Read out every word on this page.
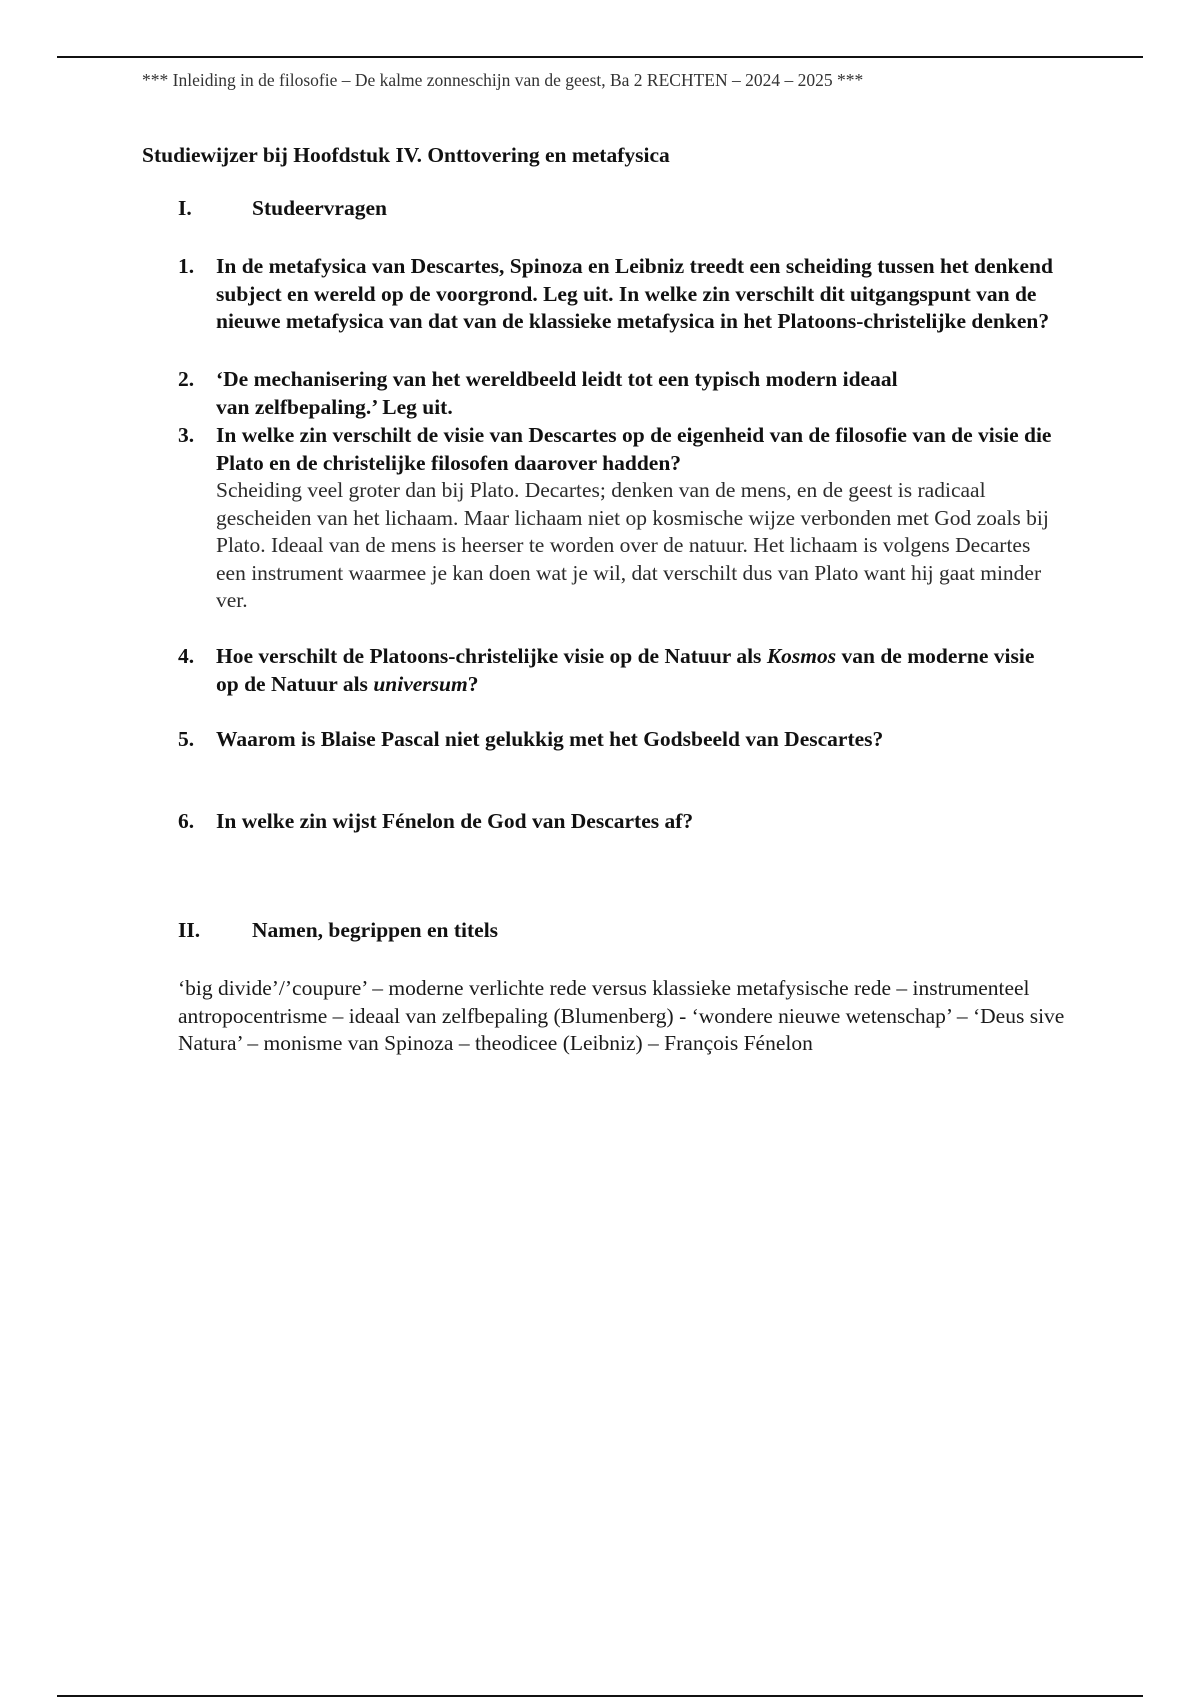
*** Inleiding in de filosofie – De kalme zonneschijn van de geest, Ba 2 RECHTEN – 2024 – 2025 ***
Studiewijzer bij Hoofdstuk IV. Onttovering en metafysica
I.	Studeervragen
1. In de metafysica van Descartes, Spinoza en Leibniz treedt een scheiding tussen het denkend subject en wereld op de voorgrond. Leg uit. In welke zin verschilt dit uitgangspunt van de nieuwe metafysica van dat van de klassieke metafysica in het Platoons-christelijke denken?
2. ‘De mechanisering van het wereldbeeld leidt tot een typisch modern ideaal van zelfbepaling.’ Leg uit.
3. In welke zin verschilt de visie van Descartes op de eigenheid van de filosofie van de visie die Plato en de christelijke filosofen daarover hadden?
Scheiding veel groter dan bij Plato. Decartes; denken van de mens, en de geest is radicaal gescheiden van het lichaam. Maar lichaam niet op kosmische wijze verbonden met God zoals bij Plato. Ideaal van de mens is heerser te worden over de natuur. Het lichaam is volgens Decartes een instrument waarmee je kan doen wat je wil, dat verschilt dus van Plato want hij gaat minder ver.
4. Hoe verschilt de Platoons-christelijke visie op de Natuur als Kosmos van de moderne visie op de Natuur als universum?
5. Waarom is Blaise Pascal niet gelukkig met het Godsbeeld van Descartes?
6. In welke zin wijst Fénelon de God van Descartes af?
II. Namen, begrippen en titels
‘big divide’/’coupure’ – moderne verlichte rede versus klassieke metafysische rede – instrumenteel antropocentrisme – ideaal van zelfbepaling (Blumenberg) - ‘wondere nieuwe wetenschap’ – ‘Deus sive Natura’ – monisme van Spinoza – theodicee (Leibniz) – François Fénelon
